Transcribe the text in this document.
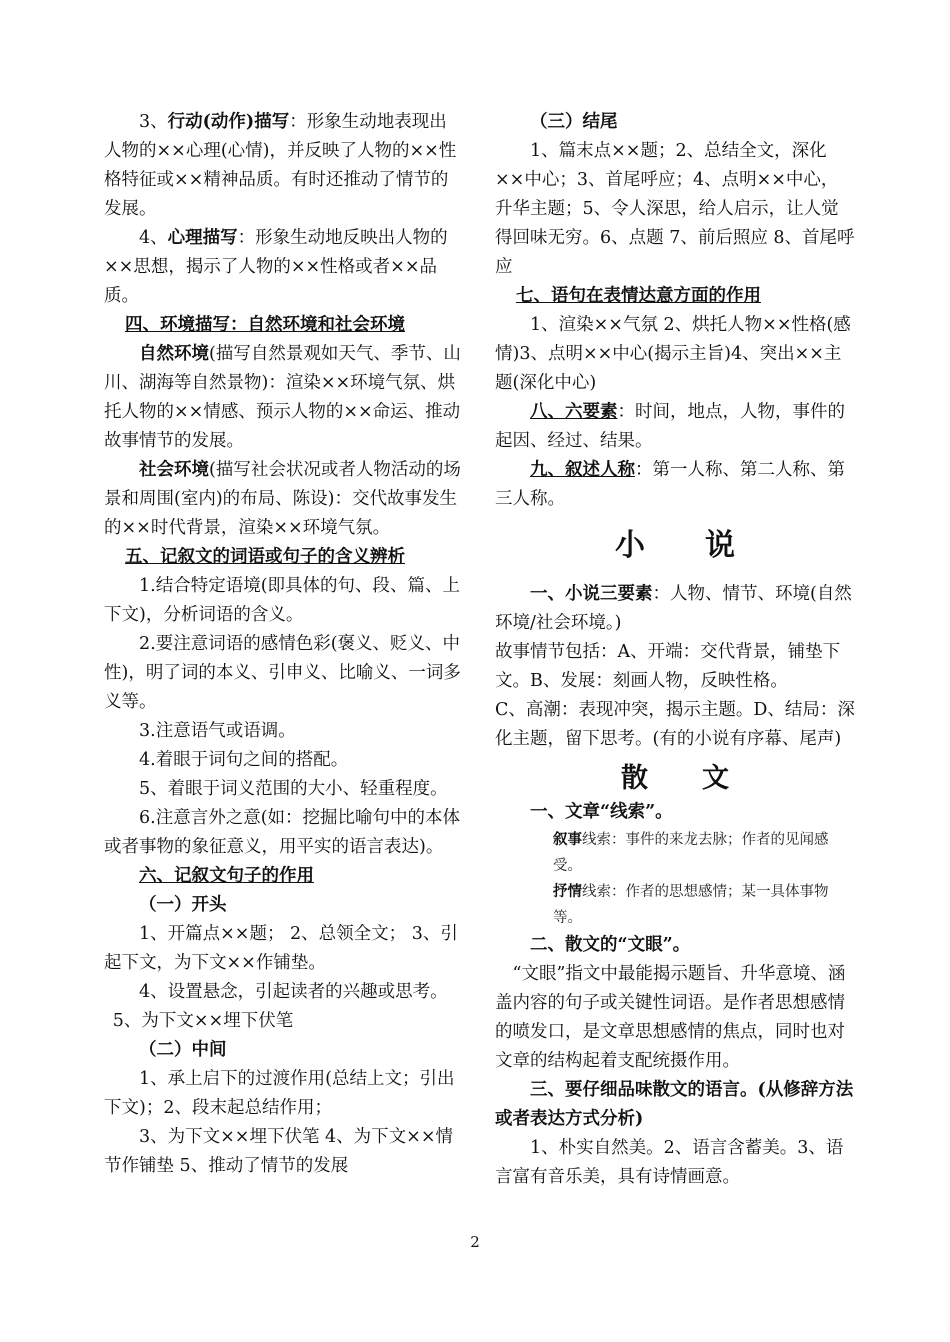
3、行动(动作)描写：形象生动地表现出人物的××心理(心情)，并反映了人物的××性格特征或××精神品质。有时还推动了情节的发展。

4、心理描写：形象生动地反映出人物的××思想，揭示了人物的××性格或者××品质。

四、环境描写：自然环境和社会环境

自然环境(描写自然景观如天气、季节、山川、湖海等自然景物)：渲染××环境气氛、烘托人物的××情感、预示人物的××命运、推动故事情节的发展。

社会环境(描写社会状况或者人物活动的场景和周围(室内)的布局、陈设)：交代故事发生的××时代背景，渲染××环境气氛。

五、记叙文的词语或句子的含义辨析

1.结合特定语境(即具体的句、段、篇、上下文)，分析词语的含义。

2.要注意词语的感情色彩(褒义、贬义、中性)，明了词的本义、引申义、比喻义、一词多义等。

3.注意语气或语调。

4.着眼于词句之间的搭配。

5、着眼于词义范围的大小、轻重程度。

6.注意言外之意(如：挖掘比喻句中的本体或者事物的象征意义，用平实的语言表达)。

六、记叙文句子的作用

（一）开头

1、开篇点××题； 2、总领全文； 3、引起下文，为下文××作铺垫。

4、设置悬念，引起读者的兴趣或思考。

5、为下文××埋下伏笔

（二）中间

1、承上启下的过渡作用(总结上文；引出下文)；2、段末起总结作用；

3、为下文××埋下伏笔 4、为下文××情节作铺垫 5、推动了情节的发展

（三）结尾

1、篇末点××题；2、总结全文，深化××中心；3、首尾呼应；4、点明××中心，升华主题；5、令人深思，给人启示，让人觉得回味无穷。6、点题 7、前后照应 8、首尾呼应

七、语句在表情达意方面的作用

1、渲染××气氛 2、烘托人物××性格(感情)3、点明××中心(揭示主旨)4、突出××主题(深化中心)

八、六要素：时间，地点，人物，事件的起因、经过、结果。

九、叙述人称：第一人称、第二人称、第三人称。

小　　说

一、小说三要素：人物、情节、环境(自然环境/社会环境。)

故事情节包括：A、开端：交代背景，铺垫下文。B、发展：刻画人物，反映性格。

C、高潮：表现冲突，揭示主题。D、结局：深化主题，留下思考。(有的小说有序幕、尾声)

散　　文

一、文章“线索”。

叙事线索：事件的来龙去脉；作者的见闻感受。

抒情线索：作者的思想感情；某一具体事物等。

二、散文的“文眼”。

“文眼”指文中最能揭示题旨、升华意境、涵盖内容的句子或关键性词语。是作者思想感情的喷发口，是文章思想感情的焦点，同时也对文章的结构起着支配统摄作用。

三、要仔细品味散文的语言。(从修辞方法或者表达方式分析)

1、朴实自然美。2、语言含蓄美。3、语言富有音乐美，具有诗情画意。

2
